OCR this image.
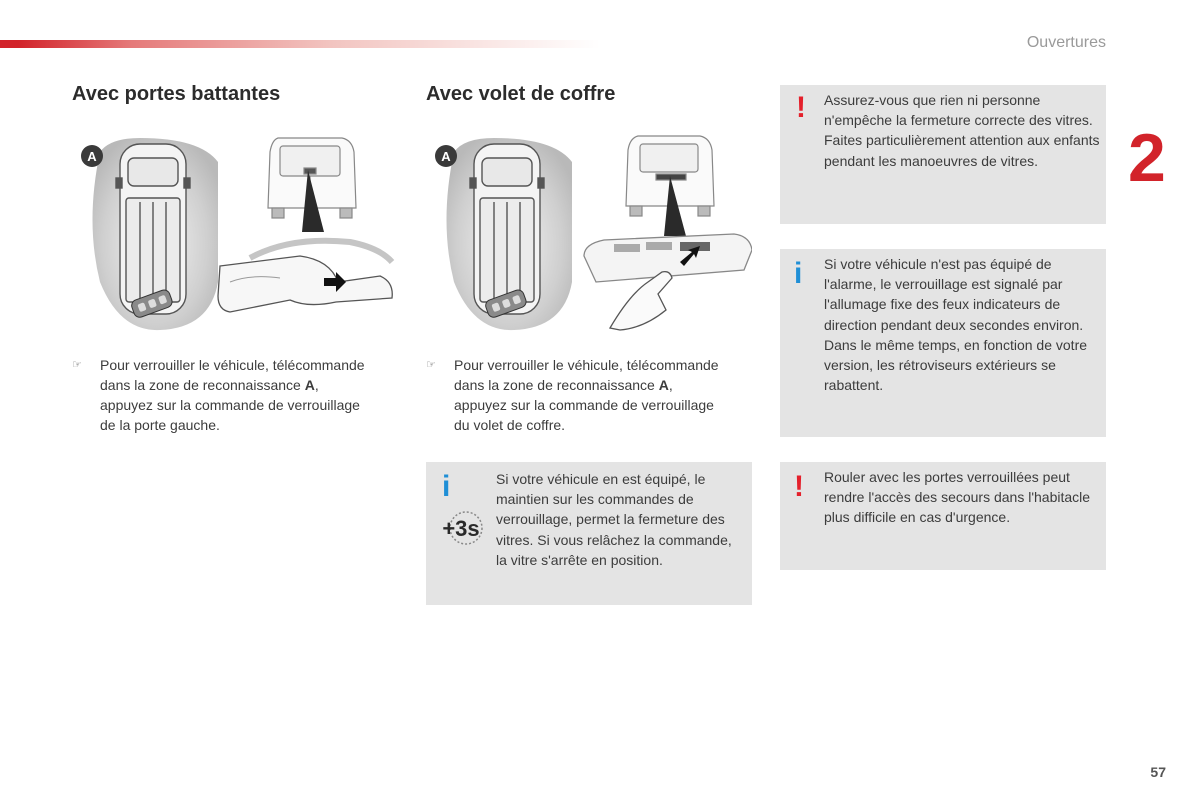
Ouvertures
2
57
Avec portes battantes
A
☞ Pour verrouiller le véhicule, télécommande dans la zone de reconnaissance A, appuyez sur la commande de verrouillage de la porte gauche.
Avec volet de coffre
A
☞ Pour verrouiller le véhicule, télécommande dans la zone de reconnaissance A, appuyez sur la commande de verrouillage du volet de coffre.
i
+3s

Si votre véhicule en est équipé, le maintien sur les commandes de verrouillage, permet la fermeture des vitres. Si vous relâchez la commande, la vitre s'arrête en position.

! Assurez-vous que rien ni personne n'empêche la fermeture correcte des vitres.

Faites particulièrement attention aux enfants pendant les manoeuvres de vitres.

i Si votre véhicule n'est pas équipé de l'alarme, le verrouillage est signalé par l'allumage fixe des feux indicateurs de direction pendant deux secondes environ.

Dans le même temps, en fonction de votre version, les rétroviseurs extérieurs se rabattent.

! Rouler avec les portes verrouillées peut rendre l'accès des secours dans l'habitacle plus difficile en cas d'urgence.
